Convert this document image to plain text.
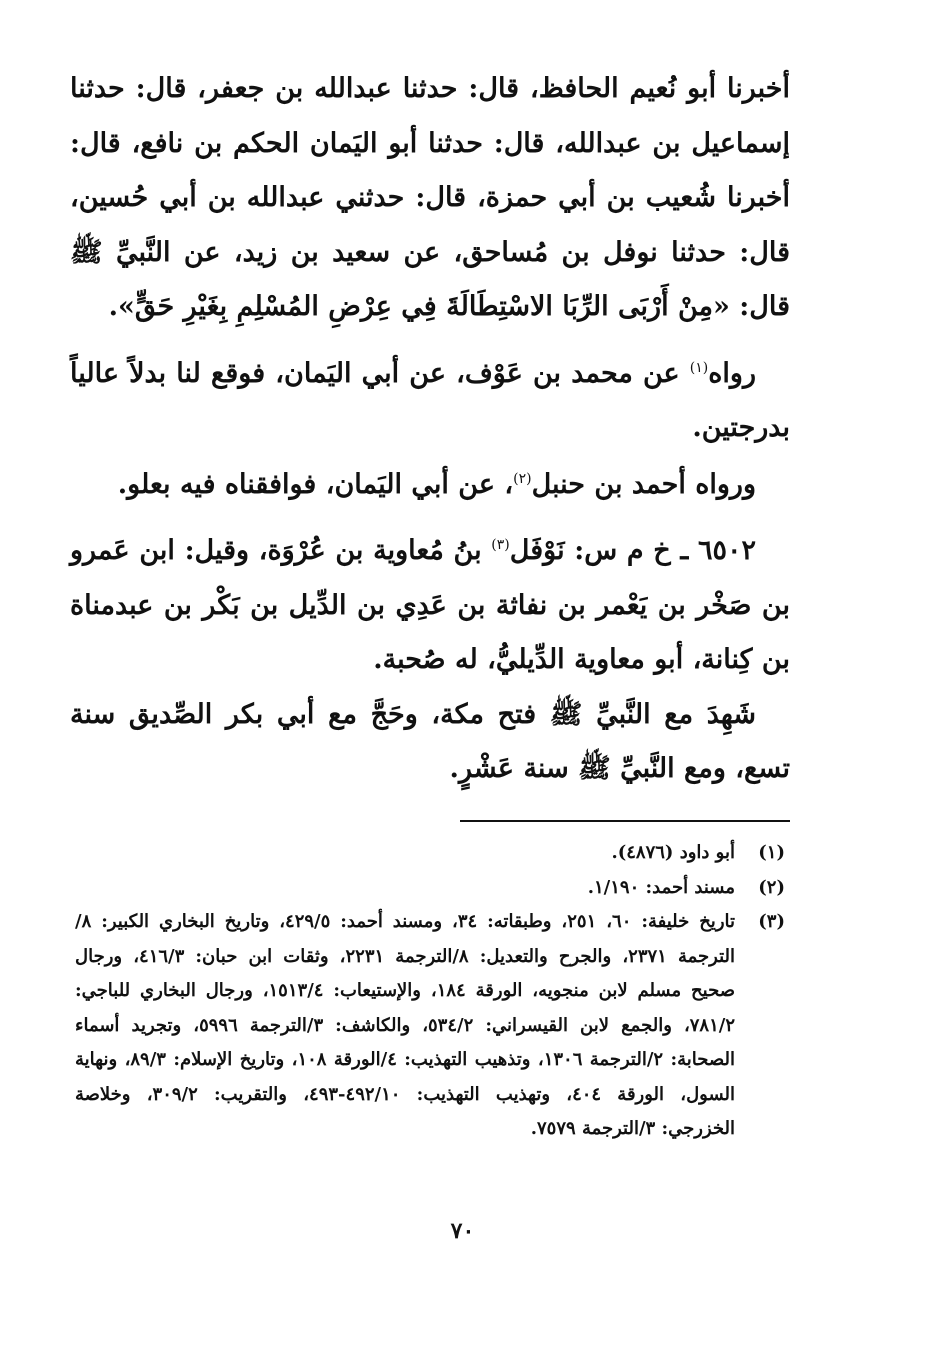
أخبرنا أبو نُعيم الحافظ، قال: حدثنا عبدالله بن جعفر، قال: حدثنا إسماعيل بن عبدالله، قال: حدثنا أبو اليَمان الحكم بن نافع، قال: أخبرنا شُعيب بن أبي حمزة، قال: حدثني عبدالله بن أبي حُسين، قال: حدثنا نوفل بن مُساحق، عن سعيد بن زيد، عن النَّبيِّ ﷺ قال: «مِنْ أَرْبَى الرِّبَا الاسْتِطَالَةَ فِي عِرْضِ المُسْلِمِ بِغَيْرِ حَقٍّ».

رواه$^{(١)}$ عن محمد بن عَوْف، عن أبي اليَمان، فوقع لنا بدلاً عالياً بدرجتين.

ورواه أحمد بن حنبل$^{(٢)}$، عن أبي اليَمان، فوافقناه فيه بعلو.

٦٥٠٢ ـ خ م س: نَوْفَل$^{(٣)}$ بنُ مُعاوية بن عُرْوَة، وقيل: ابن عَمرو بن صَخْر بن يَعْمر بن نفاثة بن عَدِي بن الدِّيل بن بَكْر بن عبدمناة بن كِنانة، أبو معاوية الدِّيليُّ، له صُحبة.

شَهِدَ مع النَّبيِّ ﷺ فتح مكة، وحَجَّ مع أبي بكر الصِّديق سنة تسع، ومع النَّبيِّ ﷺ سنة عَشْرٍ.

(١)
أبو داود (٤٨٧٦).
(٢)
مسند أحمد: ١/١٩٠.
(٣)
تاريخ خليفة: ٦٠، ٢٥١، وطبقاته: ٣٤، ومسند أحمد: ٤٢٩/٥، وتاريخ البخاري الكبير: ٨/الترجمة ٢٣٧١، والجرح والتعديل: ٨/الترجمة ٢٢٣١، وثقات ابن حبان: ٤١٦/٣، ورجال صحيح مسلم لابن منجويه، الورقة ١٨٤، والإستيعاب: ١٥١٣/٤، ورجال البخاري للباجي: ٧٨١/٢، والجمع لابن القيسراني: ٥٣٤/٢، والكاشف: ٣/الترجمة ٥٩٩٦، وتجريد أسماء الصحابة: ٢/الترجمة ١٣٠٦، وتذهيب التهذيب: ٤/الورقة ١٠٨، وتاريخ الإسلام: ٨٩/٣، ونهاية السول، الورقة ٤٠٤، وتهذيب التهذيب: ٤٩٢/١٠-٤٩٣، والتقريب: ٣٠٩/٢، وخلاصة الخزرجي: ٣/الترجمة ٧٥٧٩.
٧٠
